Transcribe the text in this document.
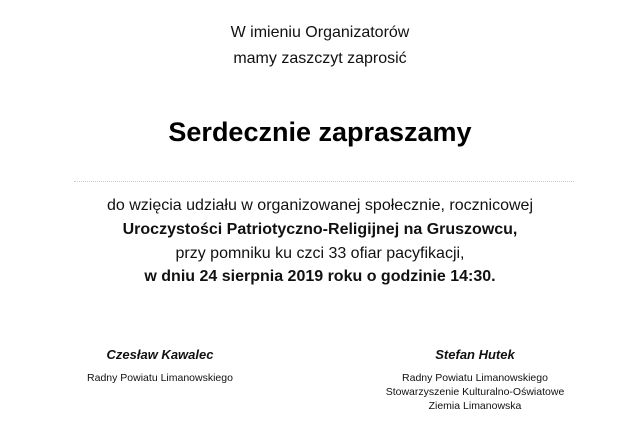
W imieniu Organizatorów
mamy zaszczyt zaprosić
Serdecznie zapraszamy
do wzięcia udziału w organizowanej społecznie, rocznicowej
Uroczystości Patriotyczno-Religijnej na Gruszowcu,
przy pomniku ku czci 33 ofiar pacyfikacji,
w dniu 24 sierpnia 2019 roku o godzinie 14:30.
Czesław Kawalec
Radny Powiatu Limanowskiego
Stefan Hutek
Radny Powiatu Limanowskiego
Stowarzyszenie Kulturalno-Oświatowe
Ziemia Limanowska
